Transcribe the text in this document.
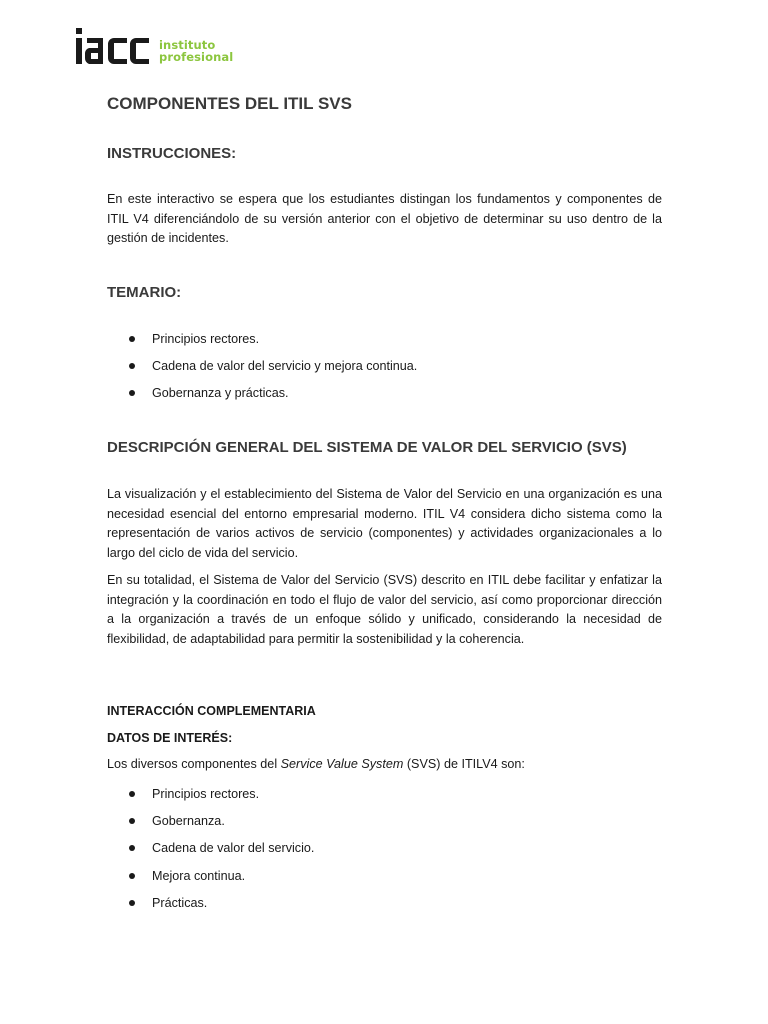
instituto
profesional
COMPONENTES DEL ITIL SVS
INSTRUCCIONES:

En este interactivo se espera que los estudiantes distingan los fundamentos y componentes de ITIL V4 diferenciándolo de su versión anterior con el objetivo de determinar su uso dentro de la gestión de incidentes.

TEMARIO:
Principios rectores.
Cadena de valor del servicio y mejora continua.
Gobernanza y prácticas.
DESCRIPCIÓN GENERAL DEL SISTEMA DE VALOR DEL SERVICIO (SVS)

La visualización y el establecimiento del Sistema de Valor del Servicio en una organización es una necesidad esencial del entorno empresarial moderno. ITIL V4 considera dicho sistema como la representación de varios activos de servicio (componentes) y actividades organizacionales a lo largo del ciclo de vida del servicio.

En su totalidad, el Sistema de Valor del Servicio (SVS) descrito en ITIL debe facilitar y enfatizar la integración y la coordinación en todo el flujo de valor del servicio, así como proporcionar dirección a la organización a través de un enfoque sólido y unificado, considerando la necesidad de flexibilidad, de adaptabilidad para permitir la sostenibilidad y la coherencia.

INTERACCIÓN COMPLEMENTARIA
DATOS DE INTERÉS:

Los diversos componentes del Service Value System (SVS) de ITILV4 son:

Principios rectores.
Gobernanza.
Cadena de valor del servicio.
Mejora continua.
Prácticas.
